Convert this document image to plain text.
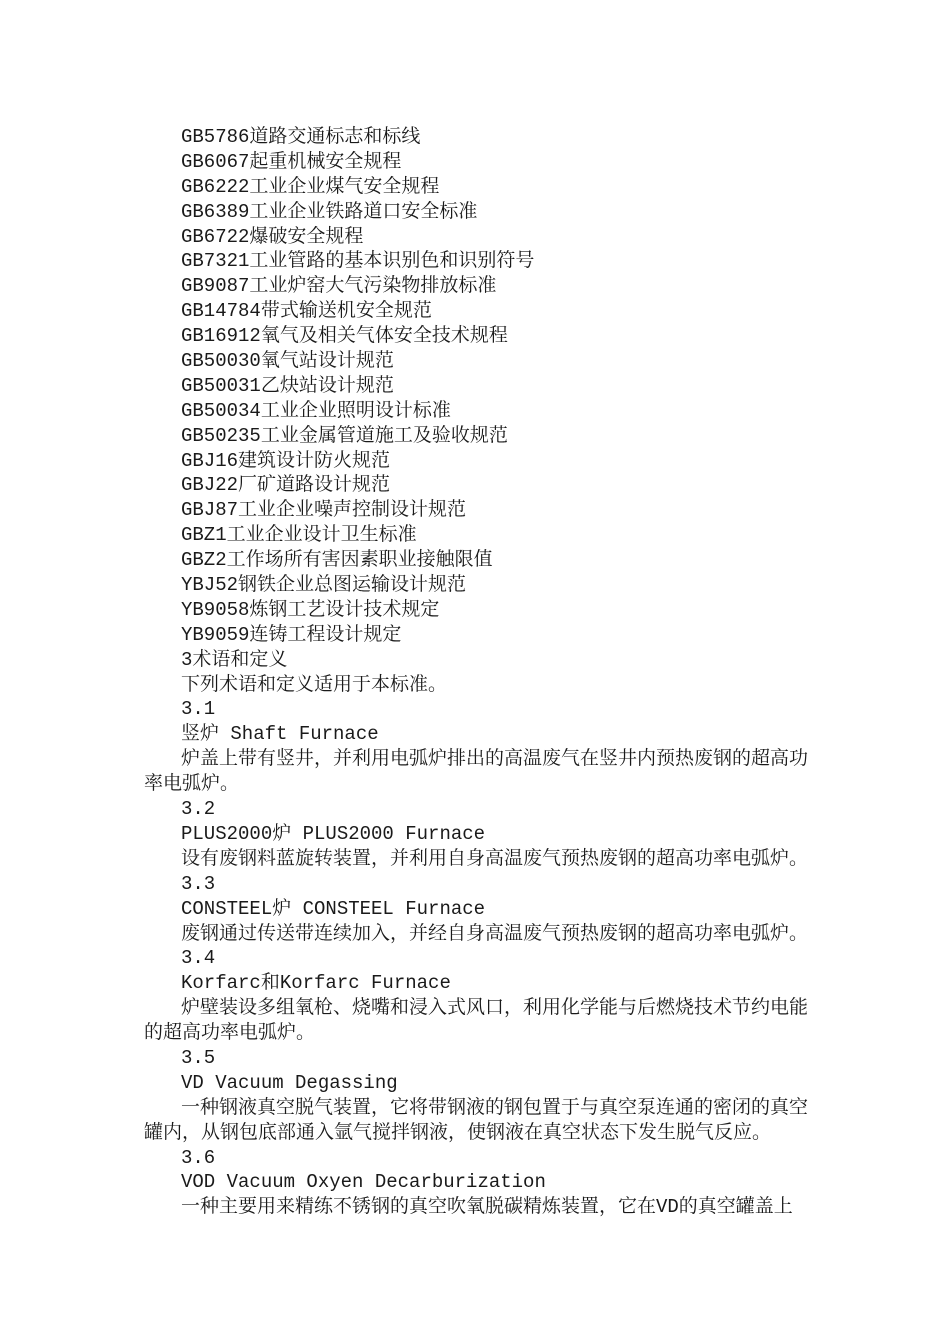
GB5786道路交通标志和标线
GB6067起重机械安全规程
GB6222工业企业煤气安全规程
GB6389工业企业铁路道口安全标准
GB6722爆破安全规程
GB7321工业管路的基本识别色和识别符号
GB9087工业炉窑大气污染物排放标准
GB14784带式输送机安全规范
GB16912氧气及相关气体安全技术规程
GB50030氧气站设计规范
GB50031乙炔站设计规范
GB50034工业企业照明设计标准
GB50235工业金属管道施工及验收规范
GBJ16建筑设计防火规范
GBJ22厂矿道路设计规范
GBJ87工业企业噪声控制设计规范
GBZ1工业企业设计卫生标准
GBZ2工作场所有害因素职业接触限值
YBJ52钢铁企业总图运输设计规范
YB9058炼钢工艺设计技术规定
YB9059连铸工程设计规定
3术语和定义
下列术语和定义适用于本标准。
3.1
竖炉 Shaft Furnace
炉盖上带有竖井，并利用电弧炉排出的高温废气在竖井内预热废钢的超高功
率电弧炉。
3.2
PLUS2000炉 PLUS2000 Furnace
设有废钢料蓝旋转装置，并利用自身高温废气预热废钢的超高功率电弧炉。
3.3
CONSTEEL炉 CONSTEEL Furnace
废钢通过传送带连续加入，并经自身高温废气预热废钢的超高功率电弧炉。
3.4
Korfarc和Korfarc Furnace
炉壁装设多组氧枪、烧嘴和浸入式风口，利用化学能与后燃烧技术节约电能
的超高功率电弧炉。
3.5
VD Vacuum Degassing
一种钢液真空脱气装置，它将带钢液的钢包置于与真空泵连通的密闭的真空
罐内，从钢包底部通入氩气搅拌钢液，使钢液在真空状态下发生脱气反应。
3.6
VOD Vacuum Oxyen Decarburization
一种主要用来精练不锈钢的真空吹氧脱碳精炼装置，它在VD的真空罐盖上
